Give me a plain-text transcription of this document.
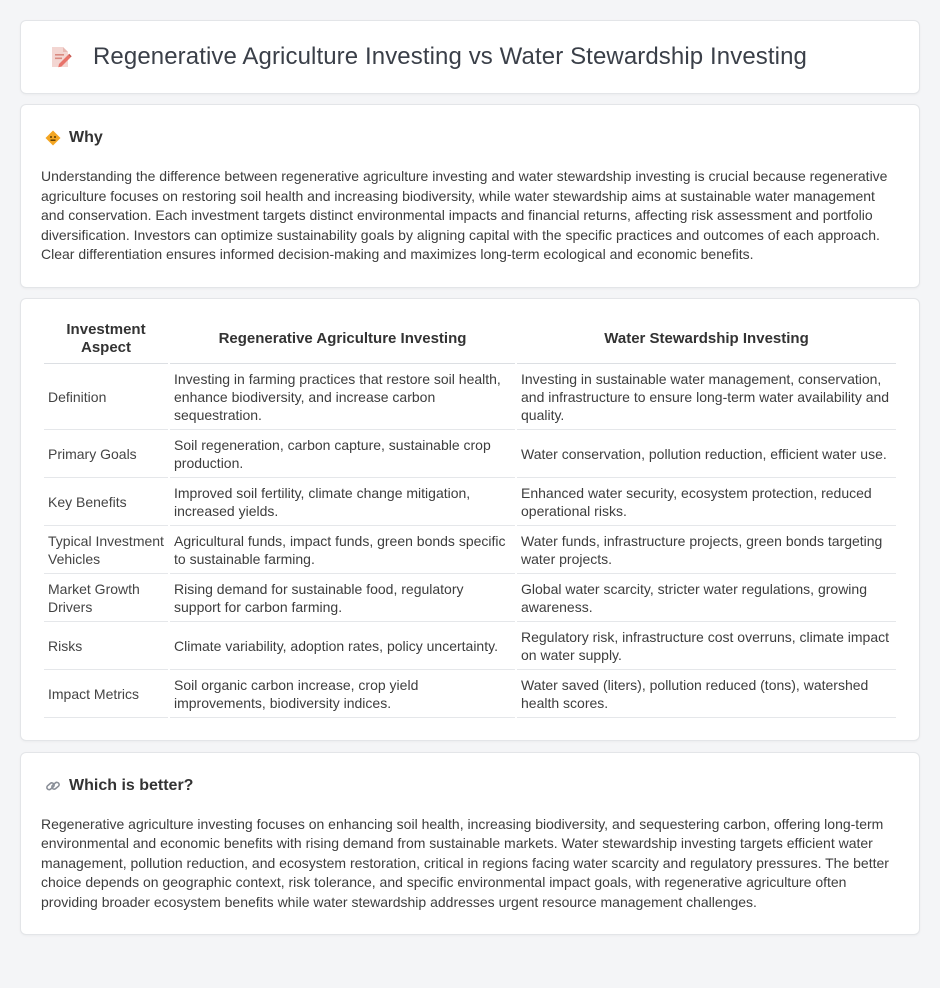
Regenerative Agriculture Investing vs Water Stewardship Investing
Why

Understanding the difference between regenerative agriculture investing and water stewardship investing is crucial because regenerative agriculture focuses on restoring soil health and increasing biodiversity, while water stewardship aims at sustainable water management and conservation. Each investment targets distinct environmental impacts and financial returns, affecting risk assessment and portfolio diversification. Investors can optimize sustainability goals by aligning capital with the specific practices and outcomes of each approach. Clear differentiation ensures informed decision-making and maximizes long-term ecological and economic benefits.

Investment Aspect	Regenerative Agriculture Investing	Water Stewardship Investing
Definition	Investing in farming practices that restore soil health, enhance biodiversity, and increase carbon sequestration.	Investing in sustainable water management, conservation, and infrastructure to ensure long-term water availability and quality.
Primary Goals	Soil regeneration, carbon capture, sustainable crop production.	Water conservation, pollution reduction, efficient water use.
Key Benefits	Improved soil fertility, climate change mitigation, increased yields.	Enhanced water security, ecosystem protection, reduced operational risks.
Typical Investment Vehicles	Agricultural funds, impact funds, green bonds specific to sustainable farming.	Water funds, infrastructure projects, green bonds targeting water projects.
Market Growth Drivers	Rising demand for sustainable food, regulatory support for carbon farming.	Global water scarcity, stricter water regulations, growing awareness.
Risks	Climate variability, adoption rates, policy uncertainty.	Regulatory risk, infrastructure cost overruns, climate impact on water supply.
Impact Metrics	Soil organic carbon increase, crop yield improvements, biodiversity indices.	Water saved (liters), pollution reduced (tons), watershed health scores.
Which is better?

Regenerative agriculture investing focuses on enhancing soil health, increasing biodiversity, and sequestering carbon, offering long-term environmental and economic benefits with rising demand from sustainable markets. Water stewardship investing targets efficient water management, pollution reduction, and ecosystem restoration, critical in regions facing water scarcity and regulatory pressures. The better choice depends on geographic context, risk tolerance, and specific environmental impact goals, with regenerative agriculture often providing broader ecosystem benefits while water stewardship addresses urgent resource management challenges.
